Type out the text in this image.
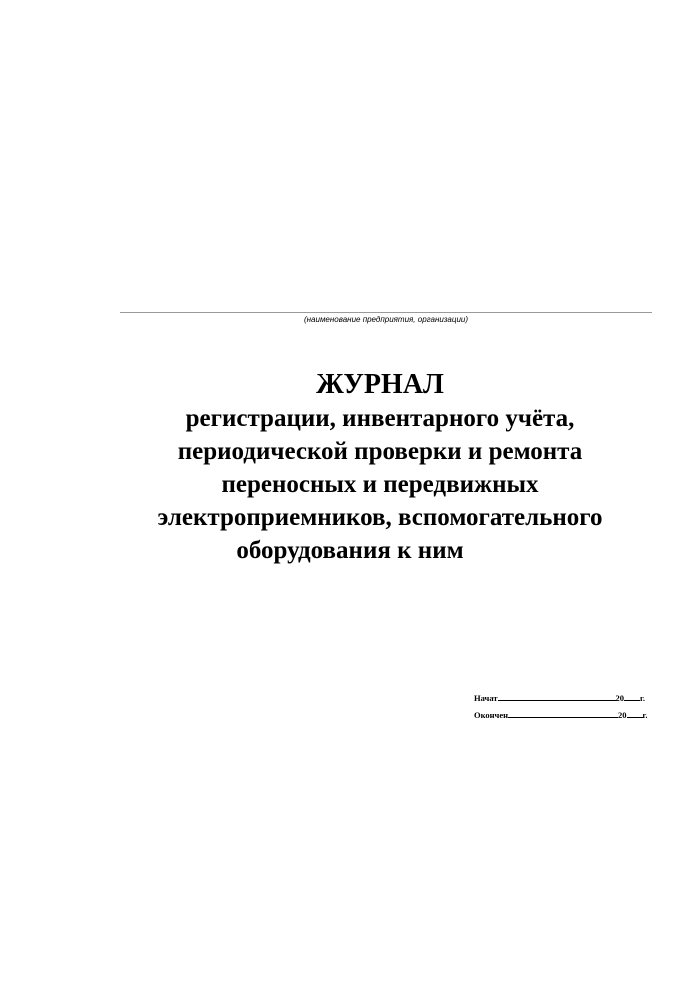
(наименование предприятия, организации)

ЖУРНАЛ

регистрации, инвентарного учёта,

периодической проверки и ремонта

переносных и передвижных

электроприемников, вспомогательного

оборудования к ним

Начат	20 г.
Окончен	20 г.
